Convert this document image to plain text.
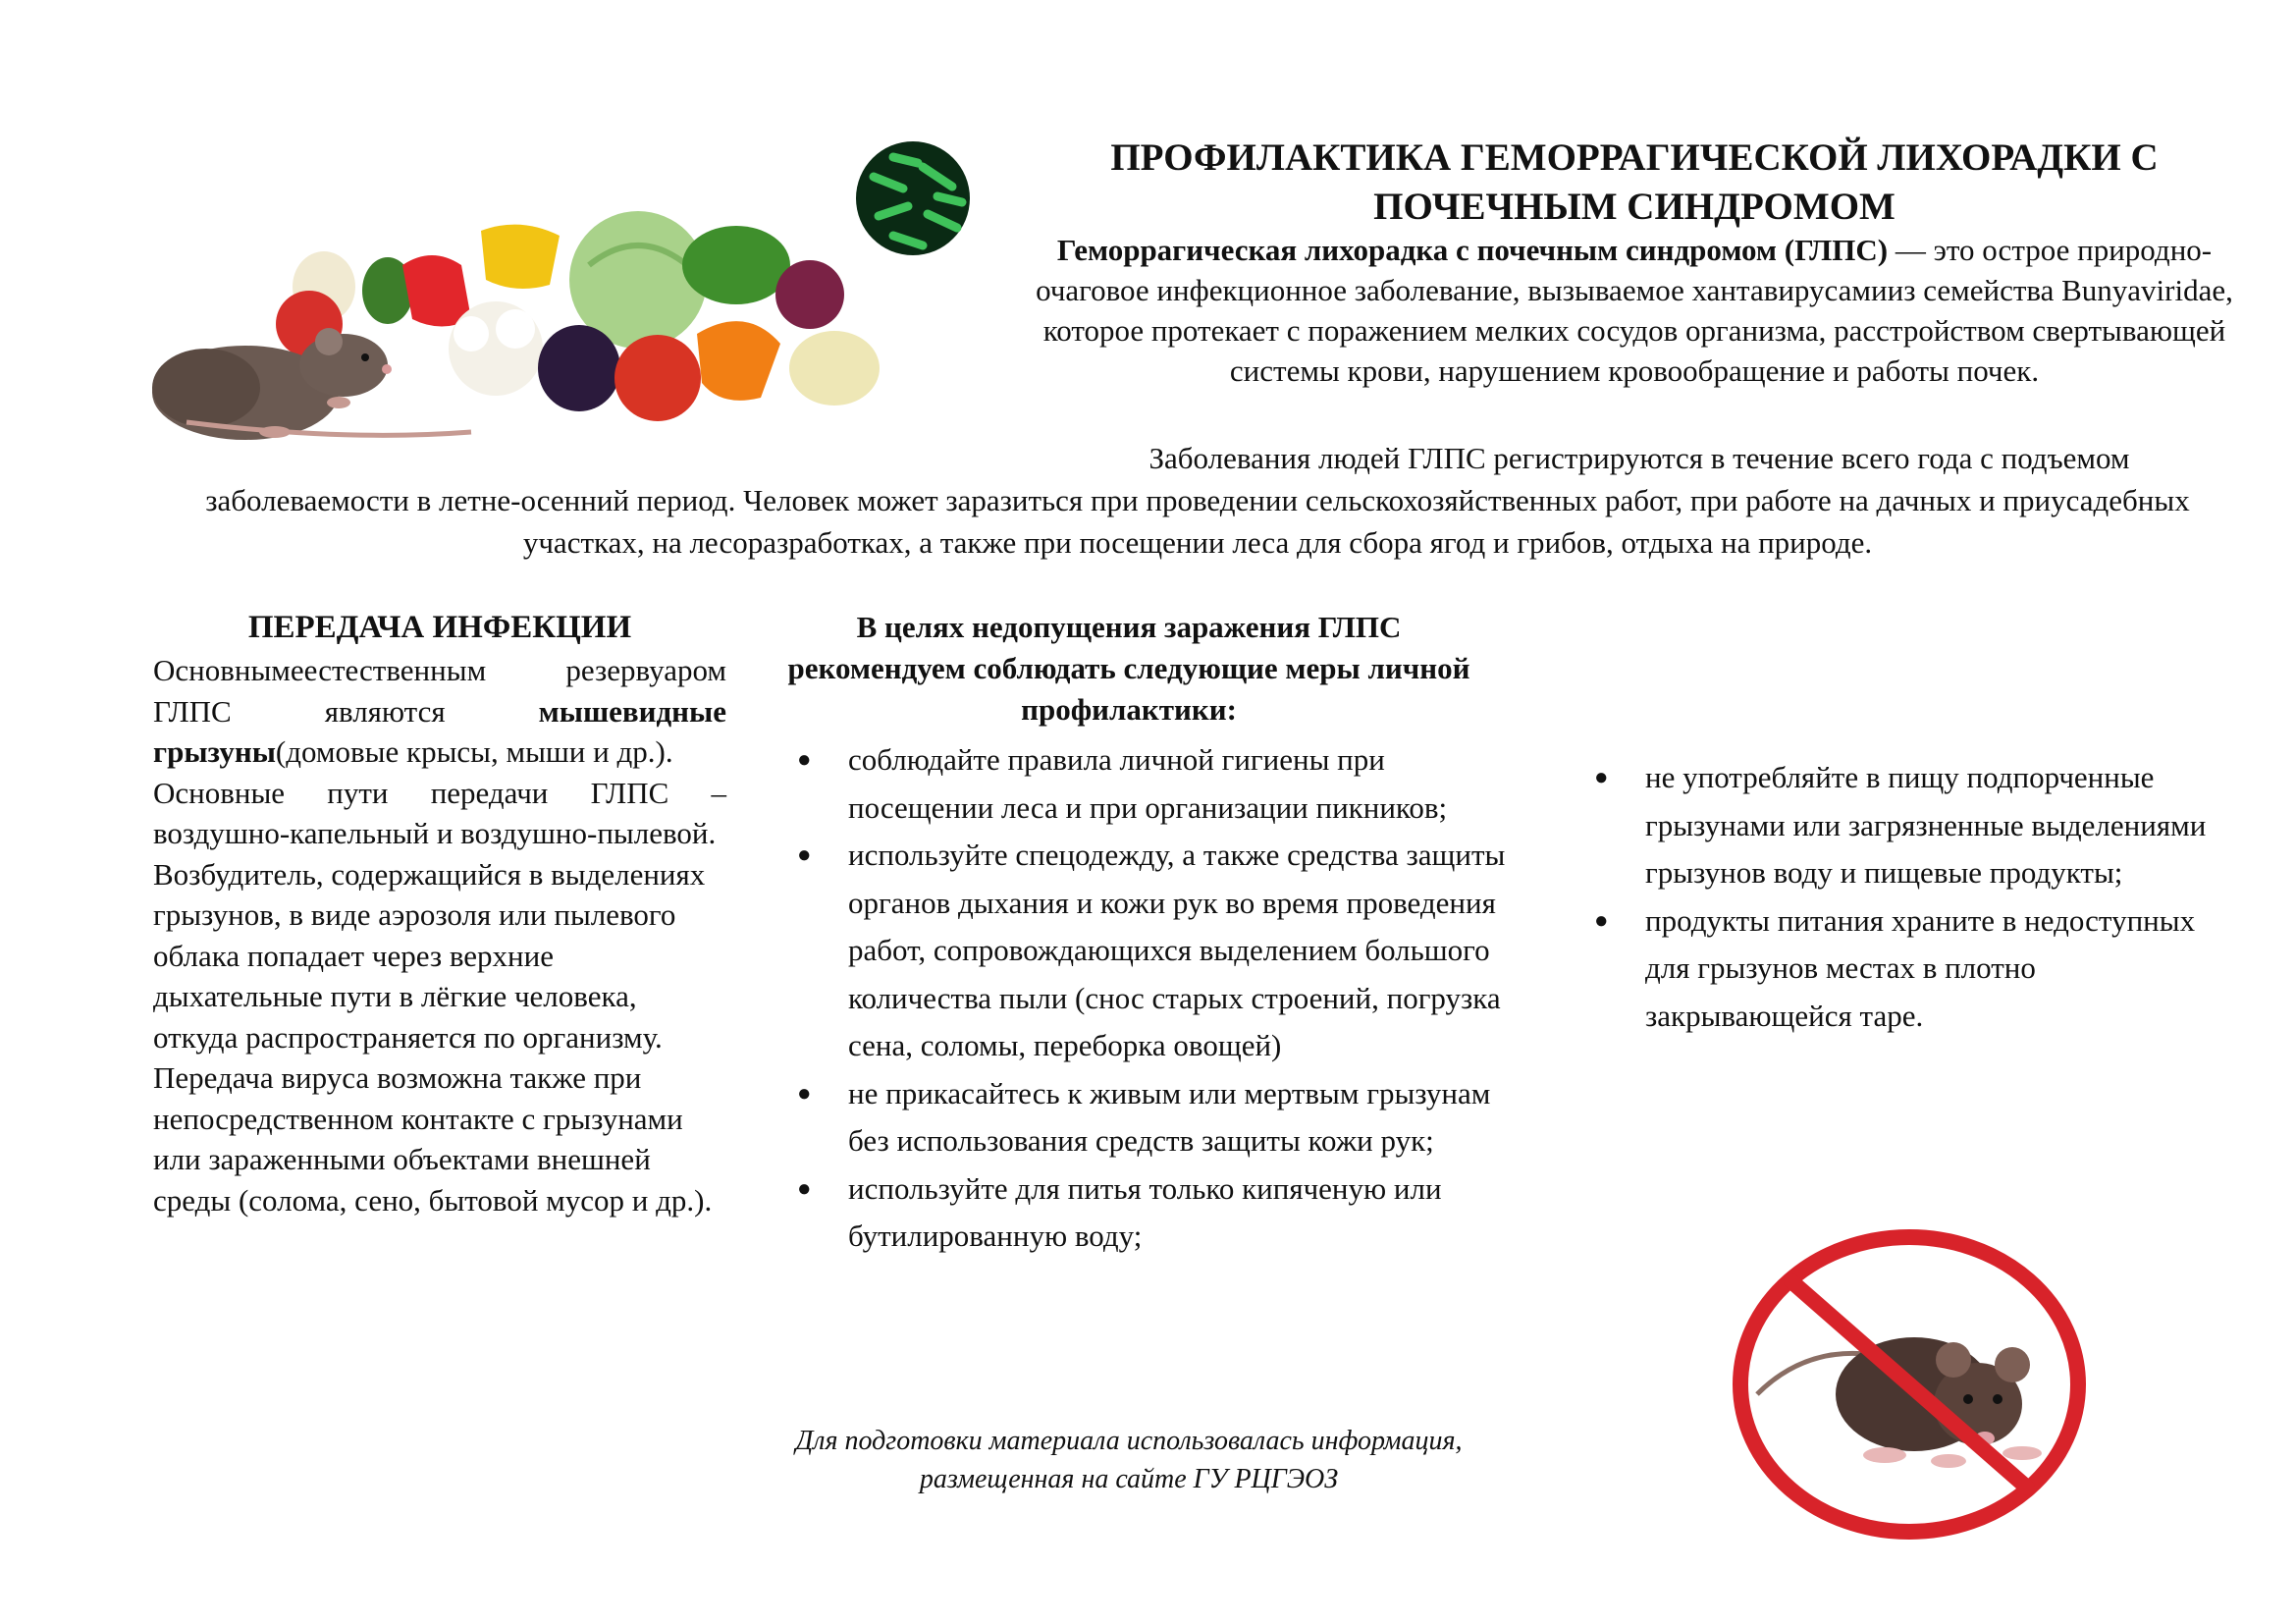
ПРОФИЛАКТИКА ГЕМОРРАГИЧЕСКОЙ ЛИХОРАДКИ С ПОЧЕЧНЫМ СИНДРОМОМ

Геморрагическая лихорадка с почечным синдромом (ГЛПС) — это острое природно-очаговое инфекционное заболевание, вызываемое хантавирусамииз семейства Bunyaviridae, которое протекает с поражением мелких сосудов организма, расстройством свертывающей системы крови, нарушением кровообращение и работы почек.

Заболевания людей ГЛПС регистрируются в течение всего года с подъемом

заболеваемости в летне-осенний период. Человек может заразиться при проведении сельскохозяйственных работ, при работе на дачных и приусадебных участках, на лесоразработках, а также при посещении леса для сбора ягод и грибов, отдыха на природе.

ПЕРЕДАЧА ИНФЕКЦИИ

Основнымеестественным резервуаром ГЛПС являются мышевидные грызуны(домовые крысы, мыши и др.).

Основные пути передачи ГЛПС – воздушно-капельный и воздушно-пылевой.

Возбудитель, содержащийся в выделениях грызунов, в виде аэрозоля или пылевого облака попадает через верхние дыхательные пути в лёгкие человека, откуда распространяется по организму.

Передача вируса возможна также при непосредственном контакте с грызунами или зараженными объектами внешней среды (солома, сено, бытовой мусор и др.).

В целях недопущения заражения ГЛПС рекомендуем соблюдать следующие меры личной профилактики:
● соблюдайте правила личной гигиены при посещении леса и при организации пикников;
● используйте спецодежду, а также средства защиты органов дыхания и кожи рук во время проведения работ, сопровождающихся выделением большого количества пыли (снос старых строений, погрузка сена, соломы, переборка овощей)
● не прикасайтесь к живым или мертвым грызунам без использования средств защиты кожи рук;
● используйте для питья только кипяченую или бутилированную воду;
● не употребляйте в пищу подпорченные грызунами или загрязненные выделениями грызунов воду и пищевые продукты;
● продукты питания храните в недоступных для грызунов местах в плотно закрывающейся таре.

Для подготовки материала использовалась информация, размещенная на сайте ГУ РЦГЭОЗ
